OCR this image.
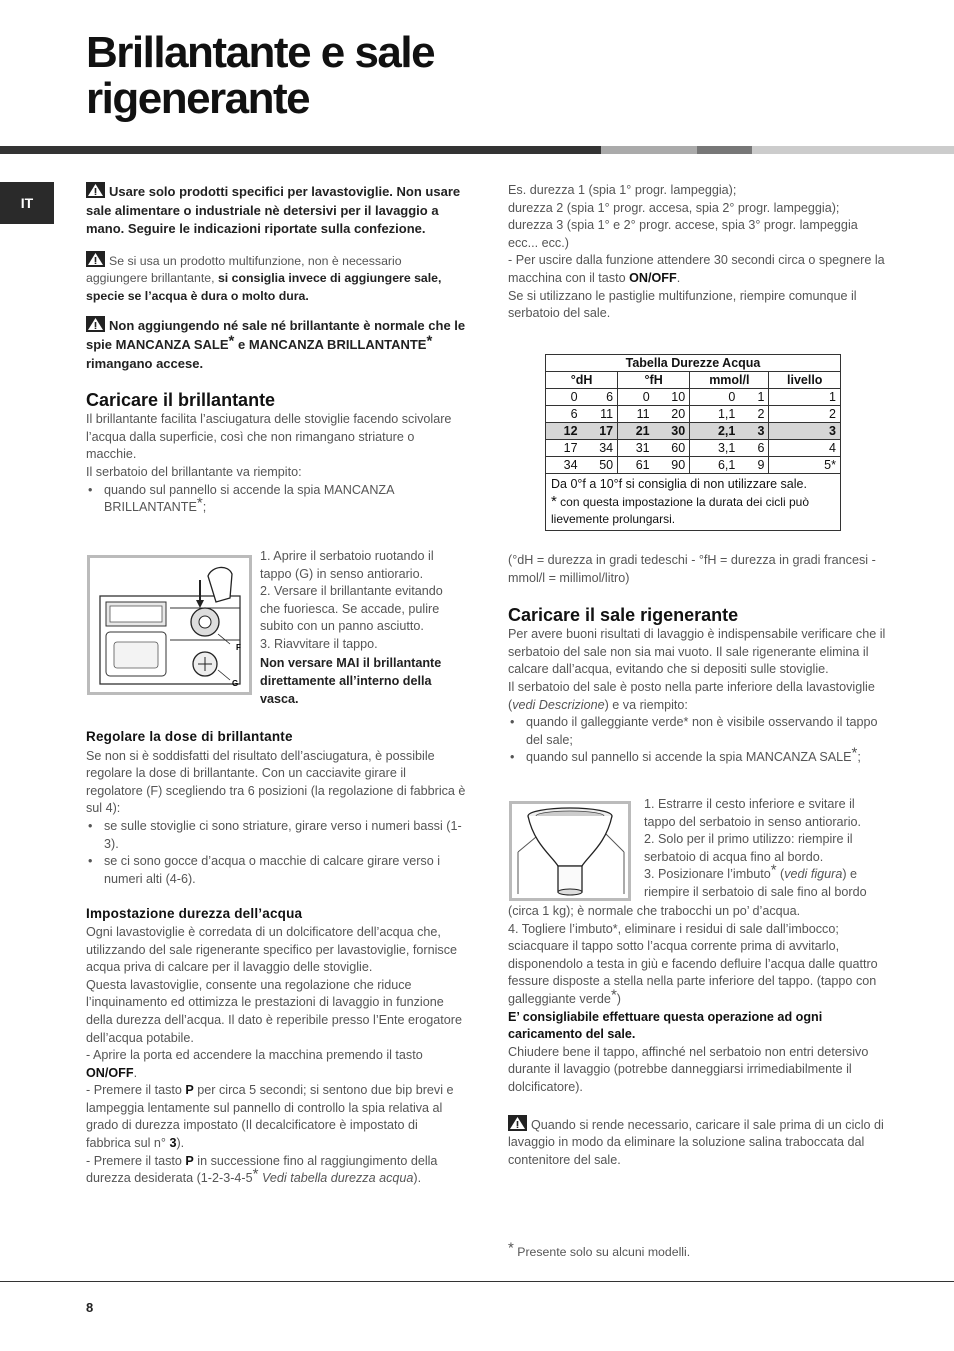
Brillantante e sale
rigenerante
IT

Usare solo prodotti specifici per lavastoviglie. Non usare sale alimentare o industriale nè detersivi per il lavaggio a mano. Seguire le indicazioni riportate sulla confezione.

Se si usa un prodotto multifunzione, non è necessario aggiungere brillantante, si consiglia invece di aggiungere sale, specie se l’acqua è dura o molto dura.

Non aggiungendo né sale né brillantante è normale che le spie MANCANZA SALE* e MANCANZA BRILLANTANTE* rimangano accese.

Caricare il brillantante

Il brillantante facilita l’asciugatura delle stoviglie facendo scivolare l’acqua dalla superficie, così che non rimangano striature o macchie.

Il serbatoio del brillantante va riempito:

• quando sul pannello si accende la spia MANCANZA BRILLANTANTE*;
F
G
1. Aprire il serbatoio ruotando il tappo (G) in senso antiorario.
2. Versare il brillantante evitando che fuoriesca. Se accade, pulire subito con un panno asciutto.
3. Riavvitare il tappo.

Non versare MAI il brillantante direttamente all’interno della vasca.

Regolare la dose di brillantante

Se non si è soddisfatti del risultato dell’asciugatura, è possibile regolare la dose di brillantante. Con un cacciavite girare il regolatore (F) scegliendo tra 6 posizioni (la regolazione di fabbrica è sul 4):

• se sulle stoviglie ci sono striature, girare verso i numeri bassi (1-3).
• se ci sono gocce d’acqua o macchie di calcare girare verso i numeri alti (4-6).

Impostazione durezza dell’acqua

Ogni lavastoviglie è corredata di un dolcificatore dell’acqua che, utilizzando del sale rigenerante specifico per lavastoviglie, fornisce acqua priva di calcare per il lavaggio delle stoviglie.

Questa lavastoviglie, consente una regolazione che riduce l’inquinamento ed ottimizza le prestazioni di lavaggio in funzione della durezza dell’acqua. Il dato è reperibile presso l’Ente erogatore dell’acqua potabile.

- Aprire la porta ed accendere la macchina premendo il tasto ON/OFF.

- Premere il tasto P per circa 5 secondi; si sentono due bip brevi e lampeggia lentamente sul pannello di controllo la spia relativa al grado di durezza impostato (Il decalcificatore è impostato di fabbrica sul n° 3).

- Premere il tasto P in successione fino al raggiungimento della durezza desiderata (1-2-3-4-5* Vedi tabella durezza acqua).

Es. durezza 1 (spia 1° progr. lampeggia);
durezza 2 (spia 1° progr. accesa, spia 2° progr. lampeggia);
durezza 3 (spia 1° e 2° progr. accese, spia 3° progr. lampeggia ecc... ecc.)

- Per uscire dalla funzione attendere 30 secondi circa o spegnere la macchina con il tasto ON/OFF.

Se si utilizzano le pastiglie multifunzione, riempire comunque il serbatoio del sale.

Tabella Durezze Acqua						
°dH		°fH		mmol/l		livello
0	6	0	10	0	1	1
6	11	11	20	1,1	2	2
12	17	21	30	2,1	3	3
17	34	31	60	3,1	6	4
34	50	61	90	6,1	9	5*
Da 0°f a 10°f si consiglia di non utilizzare sale.
* con questa impostazione la durata dei cicli può lievemente prolungarsi.						

(°dH = durezza in gradi tedeschi - °fH = durezza in gradi francesi - mmol/l = millimol/litro)

Caricare il sale rigenerante

Per avere buoni risultati di lavaggio è indispensabile verificare che il serbatoio del sale non sia mai vuoto. Il sale rigenerante elimina il calcare dall’acqua, evitando che si depositi sulle stoviglie.

Il serbatoio del sale è posto nella parte inferiore della lavastoviglie (vedi Descrizione) e va riempito:

• quando il galleggiante verde* non è visibile osservando il tappo del sale;
• quando sul pannello si accende la spia MANCANZA SALE*;

1. Estrarre il cesto inferiore e svitare il tappo del serbatoio in senso antiorario.

2. Solo per il primo utilizzo: riempire il serbatoio di acqua fino al bordo.

3. Posizionare l’imbuto* (vedi figura) e riempire il serbatoio di sale fino al bordo

(circa 1 kg); è normale che trabocchi un po’ d’acqua.

4. Togliere l’imbuto*, eliminare i residui di sale dall’imbocco; sciacquare il tappo sotto l’acqua corrente prima di avvitarlo, disponendolo a testa in giù e facendo defluire l’acqua dalle quattro fessure disposte a stella nella parte inferiore del tappo. (tappo con galleggiante verde*)

E’ consigliabile effettuare questa operazione ad ogni caricamento del sale.

Chiudere bene il tappo, affinché nel serbatoio non entri detersivo durante il lavaggio (potrebbe danneggiarsi irrimediabilmente il dolcificatore).

Quando si rende necessario, caricare il sale prima di un ciclo di lavaggio in modo da eliminare la soluzione salina traboccata dal contenitore del sale.

* Presente solo su alcuni modelli.

8
